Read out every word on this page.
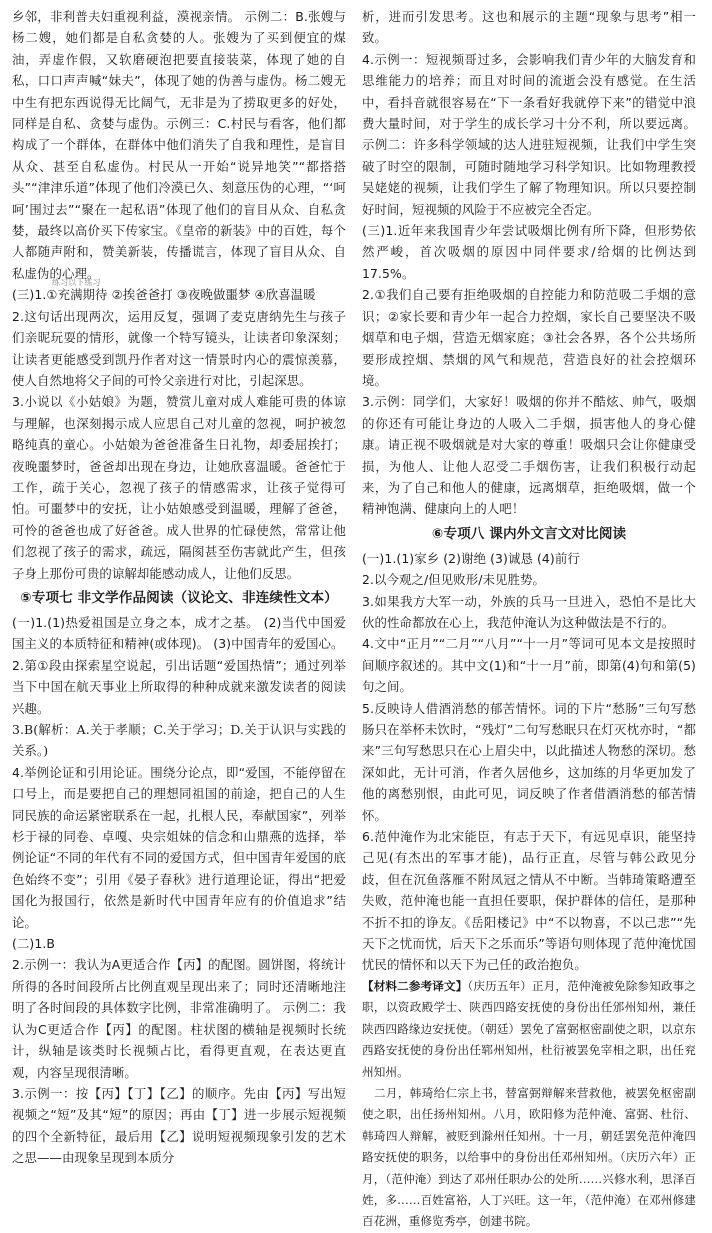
乡邻，非利普夫妇重视利益，漠视亲情。 示例二：B.张嫂与杨二嫂，她们都是自私贪婪的人。张嫂为了买到便宜的煤油，弄虚作假，又软磨硬泡把要直接装菜，体现了她的自私，口口声声喊“妹夫”，体现了她的伪善与虚伪。杨二嫂无中生有把东西说得无比阔气，无非是为了捞取更多的好处，同样是自私、贪婪与虚伪。示例三：C.村民与看客，他们都构成了一个群体，在群体中他们消失了自我和理性，是盲目从众、甚至自私虚伪。村民从一开始“说异地笑”“都搭搭头”“津津乐道”体现了他们冷漠已久、刻意压伪的心理，“‘呵呵’围过去”“聚在一起私语”体现了他们的盲目从众、自私贪婪，最终以高价买下传家宝。《皇帝的新装》中的百姓，每个人都随声附和，赞美新装，传播谎言，体现了盲目从众、自私虚伪的心理。

练习以下练习

(三)1.①充满期待 ②挨爸爸打 ③夜晚做噩梦 ④欣喜温暖

2.这句话出现两次，运用反复，强调了麦克唐纳先生与孩子们亲昵玩耍的情形，就像一个特写镜头，让读者印象深刻；让读者更能感受到凯丹作者对这一情景时内心的震惊羡慕，使人自然地将父子间的可怜父亲进行对比，引起深思。

3.小说以《小姑娘》为题，赞赏儿童对成人难能可贵的体谅与理解，也深刻揭示成人应思自己对儿童的忽视，呵护被忽略纯真的童心。小姑娘为爸爸准备生日礼物，却委屈挨打；夜晚噩梦时，爸爸却出现在身边，让她欣喜温暖。爸爸忙于工作，疏于关心，忽视了孩子的情感需求，让孩子觉得可怕。可噩梦中的安抚，让小姑娘感受到温暖，理解了爸爸，可怜的爸爸也成了好爸爸。成人世界的忙碌使然，常常让他们忽视了孩子的需求，疏远，隔阂甚至伤害就此产生，但孩子身上那份可贵的谅解却能感动成人，让他们反思。

⑤专项七 非文学作品阅读（议论文、非连续性文本）

(一)1.(1)热爱祖国是立身之本，成才之基。 (2)当代中国爱国主义的本质特征和精神(或体现)。 (3)中国青年的爱国心。

2.第①段由探索星空说起，引出话题“爱国热情”；通过列举当下中国在航天事业上所取得的种种成就来激发读者的阅读兴趣。

3.B(解析：A.关于孝顺；C.关于学习；D.关于认识与实践的关系。)

4.举例论证和引用论证。围绕分论点，即“爱国，不能停留在口号上，而是要把自己的理想同祖国的前途，把自己的人生同民族的命运紧密联系在一起，扎根人民，奉献国家”，列举杉于禄的同卷、卓嘎、央宗姐妹的信念和山鼎燕的选择，举例论证“不同的年代有不同的爱国方式，但中国青年爱国的底色始终不变”；引用《晏子春秋》进行道理论证，得出“把爱国化为报国行，依然是新时代中国青年应有的价值追求”结论。

(二)1.B

2.示例一：我认为A更适合作【丙】的配图。圆饼图，将统计所得的各时间段所占比例直观呈现出来了；同时还清晰地注明了各时间段的具体数字比例，非常准确明了。 示例二：我认为C更适合作【丙】的配图。柱状图的横轴是视频时长统计，纵轴是该类时长视频占比，看得更直观，在表达更直观，内容呈现很清晰。

3.示例一：按【丙】【丁】【乙】的顺序。先由【丙】写出短视频之“短”及其“短”的原因；再由【丁】进一步展示短视频的四个全新特征，最后用【乙】说明短视频现象引发的艺术之思——由现象呈现到本质分

析，进而引发思考。这也和展示的主题“现象与思考”相一致。

4.示例一：短视频哥过多，会影响我们青少年的大脑发育和思维能力的培养；而且对时间的流逝会没有感觉。在生活中，看抖音就很容易在“下一条看好我就停下来”的错觉中浪费大量时间，对于学生的成长学习十分不利，所以要远离。 示例二：许多科学领域的达人进驻短视频，让我们中学生突破了时空的限制，可随时随地学习科学知识。比如物理教授吴姥姥的视频，让我们学生了解了物理知识。所以只要控制好时间，短视频的风险于不应被完全否定。

(三)1.近年来我国青少年尝试吸烟比例有所下降，但形势依然严峻，首次吸烟的原因中同伴要求/给烟的比例达到17.5%。

2.①我们自己要有拒绝吸烟的自控能力和防范吸二手烟的意识；②家长要和青少年一起合力控烟，家长自己要坚决不吸烟草和电子烟，营造无烟家庭；③社会各界，各个公共场所要形成控烟、禁烟的风气和规范，营造良好的社会控烟环境。

3.示例：同学们，大家好！吸烟的你并不酷炫、帅气，吸烟的你还有可能让身边的人吸入二手烟，损害他人的身心健康。请正视不吸烟就是对大家的尊重！吸烟只会让你健康受损，为他人、让他人忍受二手烟伤害，让我们积极行动起来，为了自己和他人的健康，远离烟草，拒绝吸烟，做一个精神饱满、健康向上的人吧！

⑥专项八 课内外文言文对比阅读

(一)1.(1)家乡 (2)谢绝 (3)诚恳 (4)前行

2.以今观之/但见败形/未见胜势。

3.如果我方大军一动，外族的兵马一旦进入，恐怕不是比大伙的性命都放在心上，我范仲淹认为这种做法是不行的。

4.文中“正月”“二月”“八月”“十一月”等词可见本文是按照时间顺序叙述的。其中文(1)和“十一月”前，即第(4)句和第(5)句之间。

5.反映诗人借酒消愁的郁苦情怀。词的下片“愁肠”三句写愁肠只在举杯未饮时，“残灯”二句写愁眠只在灯灭枕亦时，“都来”三句写愁思只在心上眉尖中，以此描述人物愁的深切。愁深如此，无计可消，作者久居他乡，这加练的月华更加发了他的离愁别恨，由此可见，词反映了作者借酒消愁的郁苦情怀。

6.范仲淹作为北宋能臣，有志于天下，有远见卓识，能坚持己见(有杰出的军事才能)，品行正直，尽管与韩公政见分歧，但在沉鱼落雁不附凤冠之情从不中断。当韩琦策略遭至失败，范仲淹也能一直担任要职，保护群体的信任，是那种不折不扣的诤友。《岳阳楼记》中“不以物喜，不以己悲”“先天下之忧而忧，后天下之乐而乐”等语句则体现了范仲淹忧国忧民的情怀和以天下为己任的政治抱负。

【材料二参考译文】（庆历五年）正月，范仲淹被免除参知政事之职，以资政殿学士、陕西四路安抚使的身份出任邠州知州，兼任陕西四路缘边安抚使。（朝廷）罢免了富弼枢密副使之职，以京东西路安抚使的身份出任郓州知州，杜衍被罢免宰相之职，出任兖州知州。

二月，韩琦给仁宗上书，替富弼辩解来营救他，被罢免枢密副使之职，出任扬州知州。八月，欧阳修为范仲淹、富弼、杜衍、韩琦四人辩解，被贬到滁州任知州。十一月，朝廷罢免范仲淹四路安抚使的职务，以给事中的身份出任邓州知州。（庆历六年）正月，（范仲淹）到达了邓州任职办公的处所……兴修水利，思泽百姓，多……百姓富裕，人丁兴旺。这一年，（范仲淹）在邓州修建百花洲，重修览秀亭，创建书院。
